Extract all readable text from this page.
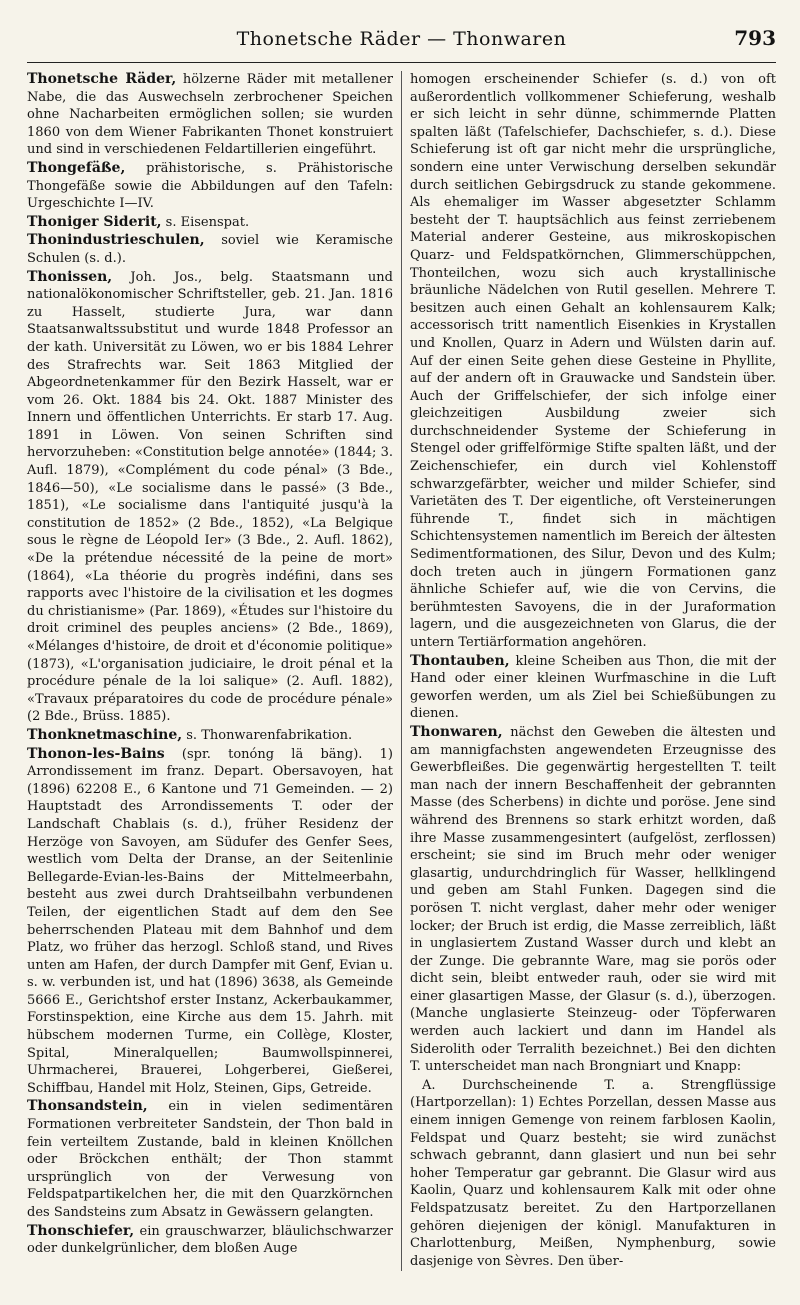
Thonetsche Räder — Thonwaren	793

Thonetsche Räder, hölzerne Räder mit metallener Nabe, die das Auswechseln zerbrochener Speichen ohne Nacharbeiten ermöglichen sollen; sie wurden 1860 von dem Wiener Fabrikanten Thonet konstruiert und sind in verschiedenen Feldartillerien eingeführt.

Thongefäße, prähistorische, s. Prähistorische Thongefäße sowie die Abbildungen auf den Tafeln: Urgeschichte I—IV.

Thoniger Siderit, s. Eisenspat.

Thonindustrieschulen, soviel wie Keramische Schulen (s. d.).

Thonissen, Joh. Jos., belg. Staatsmann und nationalökonomischer Schriftsteller, geb. 21. Jan. 1816 zu Hasselt, studierte Jura, war dann Staatsanwaltssubstitut und wurde 1848 Professor an der kath. Universität zu Löwen, wo er bis 1884 Lehrer des Strafrechts war. Seit 1863 Mitglied der Abgeordnetenkammer für den Bezirk Hasselt, war er vom 26. Okt. 1884 bis 24. Okt. 1887 Minister des Innern und öffentlichen Unterrichts. Er starb 17. Aug. 1891 in Löwen. Von seinen Schriften sind hervorzuheben: «Constitution belge annotée» (1844; 3. Aufl. 1879), «Complément du code pénal» (3 Bde., 1846—50), «Le socialisme dans le passé» (3 Bde., 1851), «Le socialisme dans l'antiquité jusqu'à la constitution de 1852» (2 Bde., 1852), «La Belgique sous le règne de Léopold Ier» (3 Bde., 2. Aufl. 1862), «De la prétendue nécessité de la peine de mort» (1864), «La théorie du progrès indéfini, dans ses rapports avec l'histoire de la civilisation et les dogmes du christianisme» (Par. 1869), «Études sur l'histoire du droit criminel des peuples anciens» (2 Bde., 1869), «Mélanges d'histoire, de droit et d'économie politique» (1873), «L'organisation judiciaire, le droit pénal et la procédure pénale de la loi salique» (2. Aufl. 1882), «Travaux préparatoires du code de procédure pénale» (2 Bde., Brüss. 1885).

Thonknetmaschine, s. Thonwarenfabrikation.

Thonon-les-Bains (spr. tonóng lä bäng). 1) Arrondissement im franz. Depart. Obersavoyen, hat (1896) 62208 E., 6 Kantone und 71 Gemeinden. — 2) Hauptstadt des Arrondissements T. oder der Landschaft Chablais (s. d.), früher Residenz der Herzöge von Savoyen, am Südufer des Genfer Sees, westlich vom Delta der Dranse, an der Seitenlinie Bellegarde-Evian-les-Bains der Mittelmeerbahn, besteht aus zwei durch Drahtseilbahn verbundenen Teilen, der eigentlichen Stadt auf dem den See beherrschenden Plateau mit dem Bahnhof und dem Platz, wo früher das herzogl. Schloß stand, und Rives unten am Hafen, der durch Dampfer mit Genf, Evian u. s. w. verbunden ist, und hat (1896) 3638, als Gemeinde 5666 E., Gerichtshof erster Instanz, Ackerbaukammer, Forstinspektion, eine Kirche aus dem 15. Jahrh. mit hübschem modernen Turme, ein Collège, Kloster, Spital, Mineralquellen; Baumwollspinnerei, Uhrmacherei, Brauerei, Lohgerberei, Gießerei, Schiffbau, Handel mit Holz, Steinen, Gips, Getreide.

Thonsandstein, ein in vielen sedimentären Formationen verbreiteter Sandstein, der Thon bald in fein verteiltem Zustande, bald in kleinen Knöllchen oder Bröckchen enthält; der Thon stammt ursprünglich von der Verwesung von Feldspatpartikelchen her, die mit den Quarzkörnchen des Sandsteins zum Absatz in Gewässern gelangten.

Thonschiefer, ein grauschwarzer, bläulichschwarzer oder dunkelgrünlicher, dem bloßen Auge

homogen erscheinender Schiefer (s. d.) von oft außerordentlich vollkommener Schieferung, weshalb er sich leicht in sehr dünne, schimmernde Platten spalten läßt (Tafelschiefer, Dachschiefer, s. d.). Diese Schieferung ist oft gar nicht mehr die ursprüngliche, sondern eine unter Verwischung derselben sekundär durch seitlichen Gebirgsdruck zu stande gekommene. Als ehemaliger im Wasser abgesetzter Schlamm besteht der T. hauptsächlich aus feinst zerriebenem Material anderer Gesteine, aus mikroskopischen Quarz- und Feldspatkörnchen, Glimmerschüppchen, Thonteilchen, wozu sich auch krystallinische bräunliche Nädelchen von Rutil gesellen. Mehrere T. besitzen auch einen Gehalt an kohlensaurem Kalk; accessorisch tritt namentlich Eisenkies in Krystallen und Knollen, Quarz in Adern und Wülsten darin auf. Auf der einen Seite gehen diese Gesteine in Phyllite, auf der andern oft in Grauwacke und Sandstein über. Auch der Griffelschiefer, der sich infolge einer gleichzeitigen Ausbildung zweier sich durchschneidender Systeme der Schieferung in Stengel oder griffelförmige Stifte spalten läßt, und der Zeichenschiefer, ein durch viel Kohlenstoff schwarzgefärbter, weicher und milder Schiefer, sind Varietäten des T. Der eigentliche, oft Versteinerungen führende T., findet sich in mächtigen Schichtensystemen namentlich im Bereich der ältesten Sedimentformationen, des Silur, Devon und des Kulm; doch treten auch in jüngern Formationen ganz ähnliche Schiefer auf, wie die von Cervins, die berühmtesten Savoyens, die in der Juraformation lagern, und die ausgezeichneten von Glarus, die der untern Tertiärformation angehören.

Thontauben, kleine Scheiben aus Thon, die mit der Hand oder einer kleinen Wurfmaschine in die Luft geworfen werden, um als Ziel bei Schießübungen zu dienen.

Thonwaren, nächst den Geweben die ältesten und am mannigfachsten angewendeten Erzeugnisse des Gewerbfleißes. Die gegenwärtig hergestellten T. teilt man nach der innern Beschaffenheit der gebrannten Masse (des Scherbens) in dichte und poröse. Jene sind während des Brennens so stark erhitzt worden, daß ihre Masse zusammengesintert (aufgelöst, zerflossen) erscheint; sie sind im Bruch mehr oder weniger glasartig, undurchdringlich für Wasser, hellklingend und geben am Stahl Funken. Dagegen sind die porösen T. nicht verglast, daher mehr oder weniger locker; der Bruch ist erdig, die Masse zerreiblich, läßt in unglasiertem Zustand Wasser durch und klebt an der Zunge. Die gebrannte Ware, mag sie porös oder dicht sein, bleibt entweder rauh, oder sie wird mit einer glasartigen Masse, der Glasur (s. d.), überzogen. (Manche unglasierte Steinzeug- oder Töpferwaren werden auch lackiert und dann im Handel als Siderolith oder Terralith bezeichnet.) Bei den dichten T. unterscheidet man nach Brongniart und Knapp:

A. Durchscheinende T. a. Strengflüssige (Hartporzellan): 1) Echtes Porzellan, dessen Masse aus einem innigen Gemenge von reinem farblosen Kaolin, Feldspat und Quarz besteht; sie wird zunächst schwach gebrannt, dann glasiert und nun bei sehr hoher Temperatur gar gebrannt. Die Glasur wird aus Kaolin, Quarz und kohlensaurem Kalk mit oder ohne Feldspatzusatz bereitet. Zu den Hartporzellanen gehören diejenigen der königl. Manufakturen in Charlottenburg, Meißen, Nymphenburg, sowie dasjenige von Sèvres. Den über-
